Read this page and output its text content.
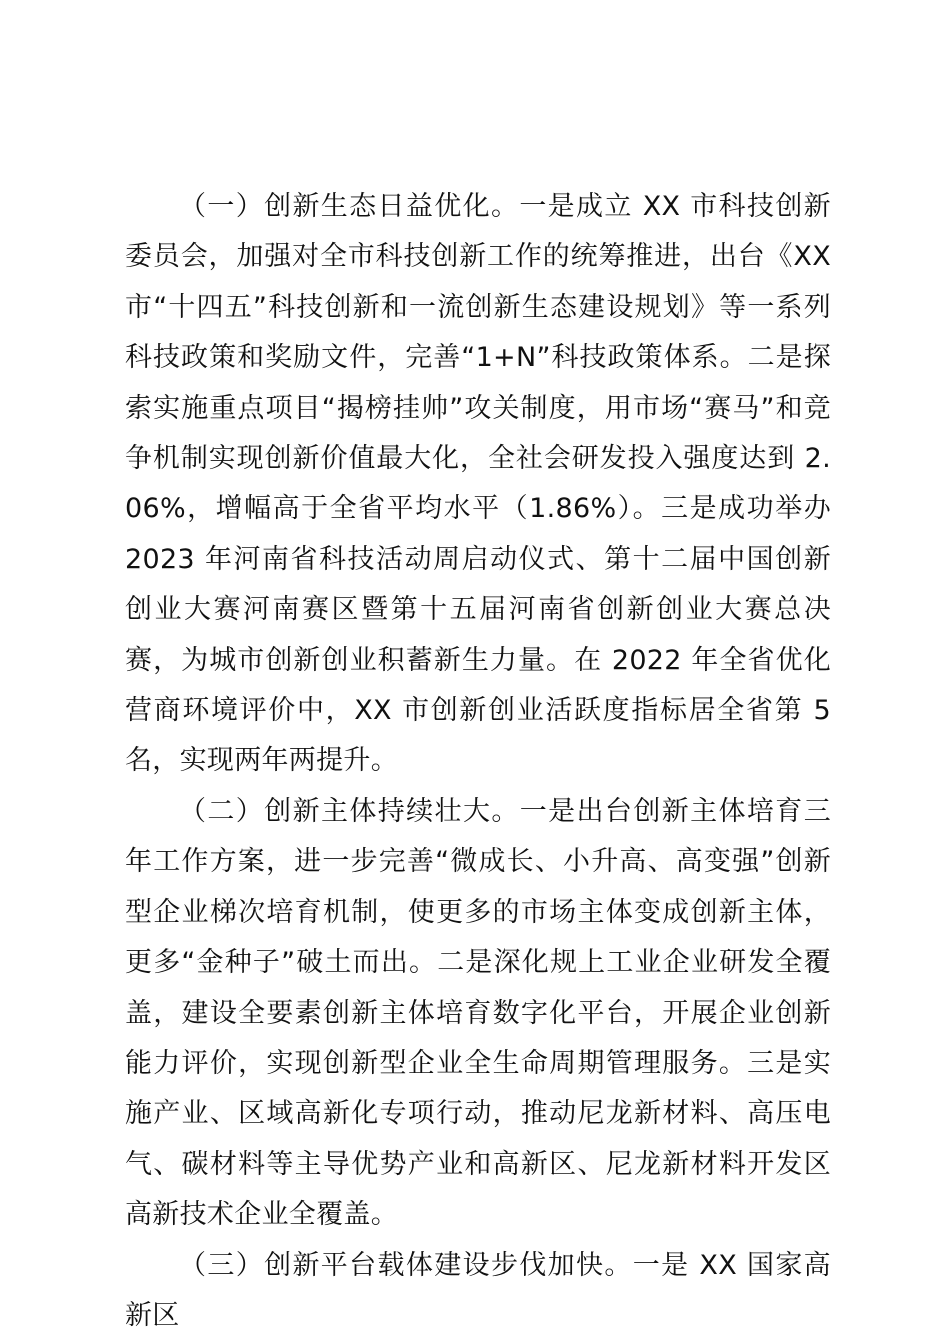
（一）创新生态日益优化。一是成立 XX 市科技创新委员会，加强对全市科技创新工作的统筹推进，出台《XX 市“十四五”科技创新和一流创新生态建设规划》等一系列科技政策和奖励文件，完善“1+N”科技政策体系。二是探索实施重点项目“揭榜挂帅”攻关制度，用市场“赛马”和竞争机制实现创新价值最大化，全社会研发投入强度达到 2.06%，增幅高于全省平均水平（1.86%）。三是成功举办 2023 年河南省科技活动周启动仪式、第十二届中国创新创业大赛河南赛区暨第十五届河南省创新创业大赛总决赛，为城市创新创业积蓄新生力量。在 2022 年全省优化营商环境评价中，XX 市创新创业活跃度指标居全省第 5 名，实现两年两提升。

（二）创新主体持续壮大。一是出台创新主体培育三年工作方案，进一步完善“微成长、小升高、高变强”创新型企业梯次培育机制，使更多的市场主体变成创新主体，更多“金种子”破土而出。二是深化规上工业企业研发全覆盖，建设全要素创新主体培育数字化平台，开展企业创新能力评价，实现创新型企业全生命周期管理服务。三是实施产业、区域高新化专项行动，推动尼龙新材料、高压电气、碳材料等主导优势产业和高新区、尼龙新材料开发区高新技术企业全覆盖。

（三）创新平台载体建设步伐加快。一是 XX 国家高新区
